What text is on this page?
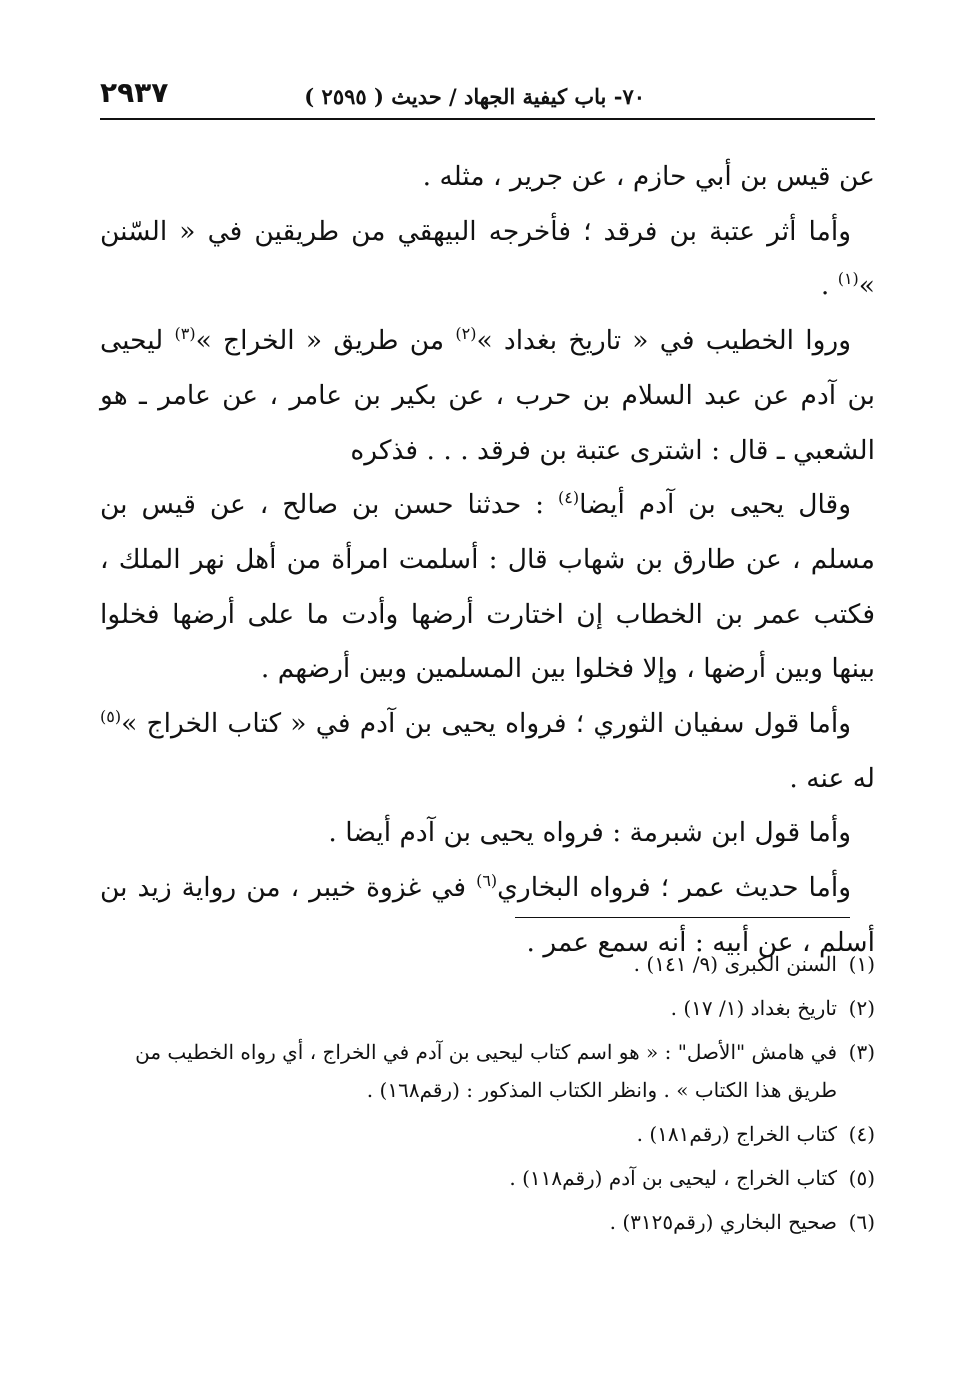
٧٠- باب كيفية الجهاد / حديث ( ٢٥٩٥ )
٢٩٣٧

عن قيس بن أبي حازم ، عن جرير ، مثله .

وأما أثر عتبة بن فرقد ؛ فأخرجه البيهقي من طريقين في « السّنن »$^{(١)}$ .

وروا الخطيب في « تاريخ بغداد »$^{(٢)}$ من طريق « الخراج »$^{(٣)}$ ليحيى بن آدم عن عبد السلام بن حرب ، عن بكير بن عامر ، عن عامر ـ هو الشعبي ـ قال : اشترى عتبة بن فرقد . . . فذكره

وقال يحيى بن آدم أيضا$^{(٤)}$ : حدثنا حسن بن صالح ، عن قيس بن مسلم ، عن طارق بن شهاب قال : أسلمت امرأة من أهل نهر الملك ، فكتب عمر بن الخطاب إن اختارت أرضها وأدت ما على أرضها فخلوا بينها وبين أرضها ، وإلا فخلوا بين المسلمين وبين أرضهم .

وأما قول سفيان الثوري ؛ فرواه يحيى بن آدم في « كتاب الخراج »$^{(٥)}$ له عنه .

وأما قول ابن شبرمة : فرواه يحيى بن آدم أيضا .

وأما حديث عمر ؛ فرواه البخاري$^{(٦)}$ في غزوة خيبر ، من رواية زيد بن أسلم ، عن أبيه : أنه سمع عمر .

(١)
السنن الكبرى (٩/ ١٤١) .
(٢)
تاريخ بغداد (١/ ١٧) .
(٣)
في هامش "الأصل" : « هو اسم كتاب ليحيى بن آدم في الخراج ، أي رواه الخطيب من طريق هذا الكتاب » . وانظر الكتاب المذكور : (رقم١٦٨) .
(٤)
كتاب الخراج (رقم١٨١) .
(٥)
كتاب الخراج ، ليحيى بن آدم (رقم١١٨) .
(٦)
صحيح البخاري (رقم٣١٢٥) .
